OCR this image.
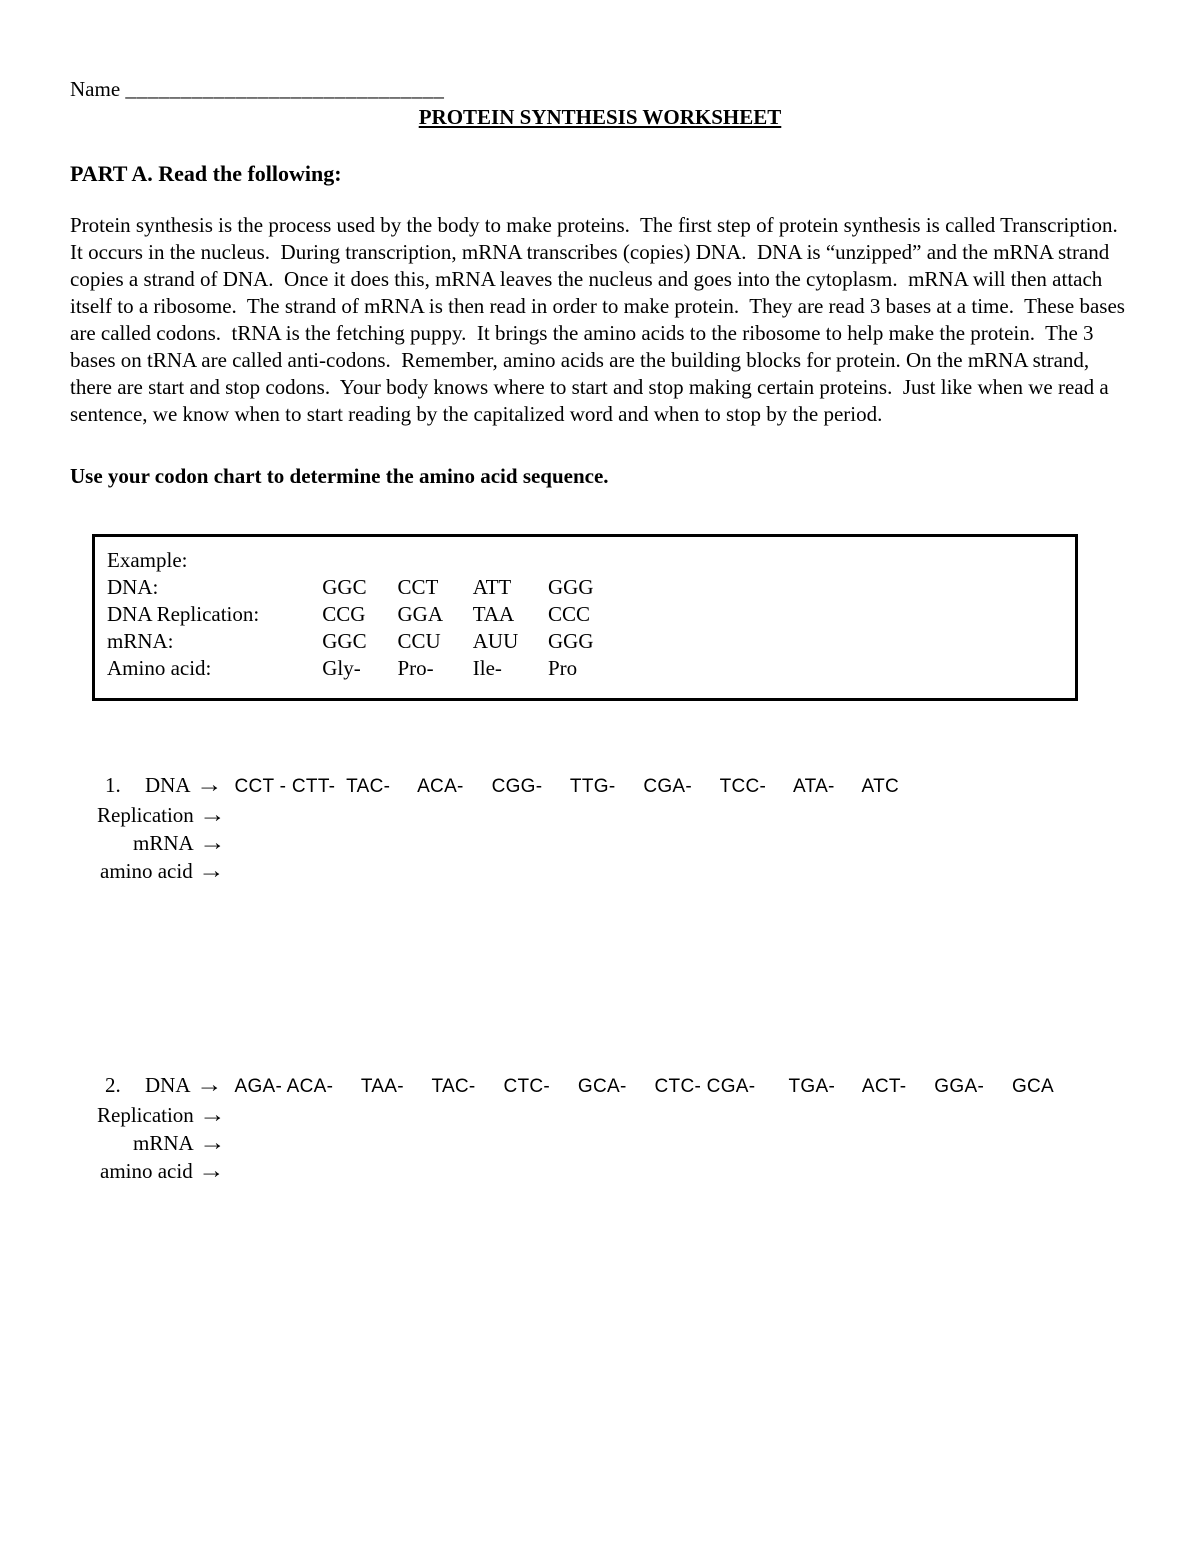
Name _____________________________
PROTEIN SYNTHESIS WORKSHEET
PART A. Read the following:
Protein synthesis is the process used by the body to make proteins.  The first step of protein synthesis is called Transcription.  It occurs in the nucleus.  During transcription, mRNA transcribes (copies) DNA.  DNA is “unzipped” and the mRNA strand copies a strand of DNA.  Once it does this, mRNA leaves the nucleus and goes into the cytoplasm.  mRNA will then attach itself to a ribosome.  The strand of mRNA is then read in order to make protein.  They are read 3 bases at a time.  These bases are called codons.  tRNA is the fetching puppy.  It brings the amino acids to the ribosome to help make the protein.  The 3 bases on tRNA are called anti-codons.  Remember, amino acids are the building blocks for protein. On the mRNA strand, there are start and stop codons.  Your body knows where to start and stop making certain proteins.  Just like when we read a sentence, we know when to start reading by the capitalized word and when to stop by the period.
Use your codon chart to determine the amino acid sequence.
Example:
DNA:	GGC CCT ATT GGG
DNA Replication:	CCG GGA TAA CCC
mRNA:	GGC CCU AUU GGG
Amino acid:	Gly- Pro- Ile- Pro
1. DNA → CCT - CTT-  TAC-     ACA-     CGG-     TTG-     CGA-     TCC-     ATA-     ATC
Replication →
mRNA →
amino acid →
2. DNA → AGA- ACA-     TAA-     TAC-     CTC-     GCA-     CTC- CGA-      TGA-     ACT-     GGA-     GCA
Replication →
mRNA →
amino acid →
